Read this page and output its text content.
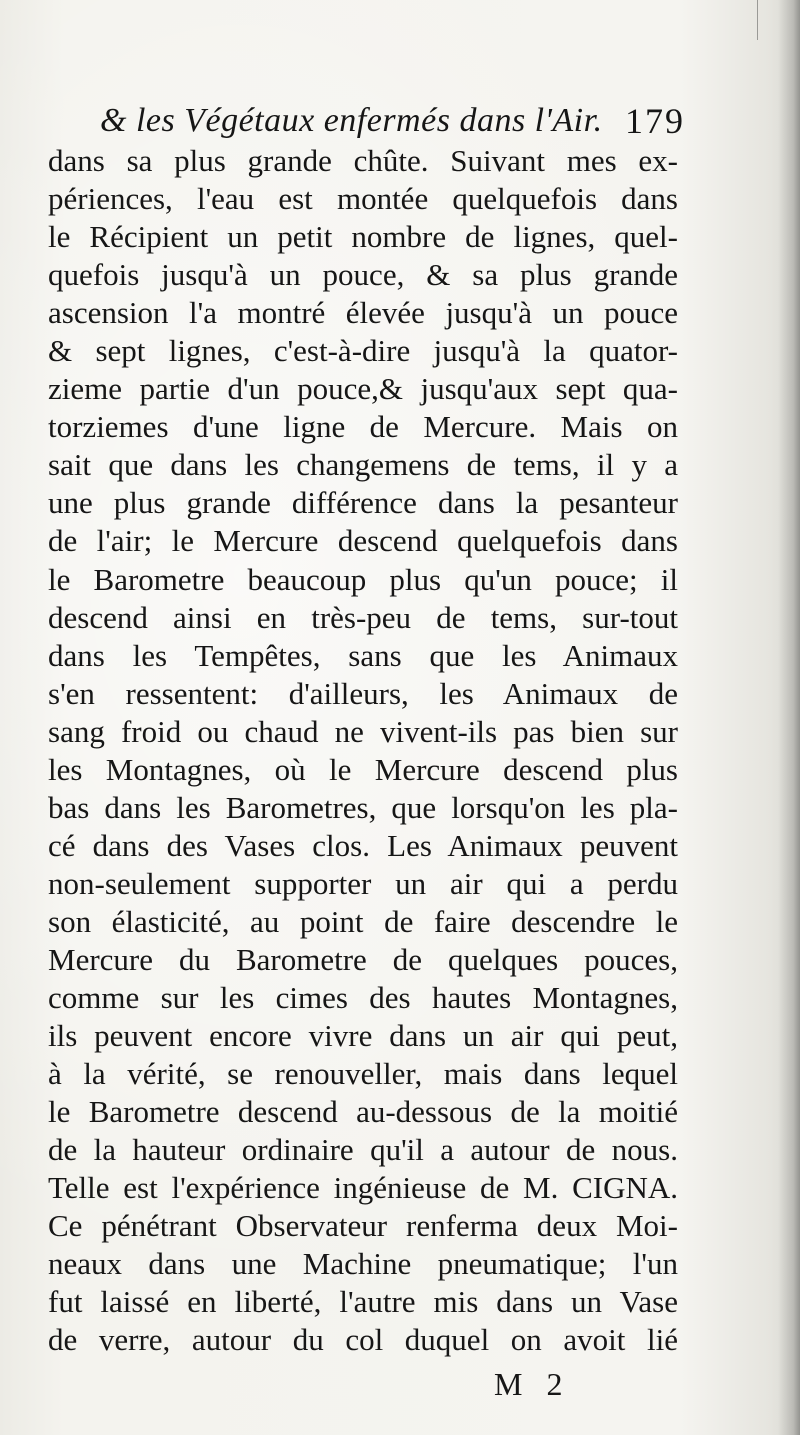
& les Végétaux enfermés dans l'Air. 179
dans sa plus grande chûte. Suivant mes ex-
périences, l'eau est montée quelquefois dans
le Récipient un petit nombre de lignes, quel-
quefois jusqu'à un pouce, & sa plus grande
ascension l'a montré élevée jusqu'à un pouce
& sept lignes, c'est-à-dire jusqu'à la quator-
zieme partie d'un pouce,& jusqu'aux sept qua-
torziemes d'une ligne de Mercure. Mais on
sait que dans les changemens de tems, il y a
une plus grande différence dans la pesanteur
de l'air; le Mercure descend quelquefois dans
le Barometre beaucoup plus qu'un pouce; il
descend ainsi en très-peu de tems, sur-tout
dans les Tempêtes, sans que les Animaux
s'en ressentent: d'ailleurs, les Animaux de
sang froid ou chaud ne vivent-ils pas bien sur
les Montagnes, où le Mercure descend plus
bas dans les Barometres, que lorsqu'on les pla-
cé dans des Vases clos. Les Animaux peuvent
non-seulement supporter un air qui a perdu
son élasticité, au point de faire descendre le
Mercure du Barometre de quelques pouces,
comme sur les cimes des hautes Montagnes,
ils peuvent encore vivre dans un air qui peut,
à la vérité, se renouveller, mais dans lequel
le Barometre descend au-dessous de la moitié
de la hauteur ordinaire qu'il a autour de nous.
Telle est l'expérience ingénieuse de M. CIGNA.
Ce pénétrant Observateur renferma deux Moi-
neaux dans une Machine pneumatique; l'un
fut laissé en liberté, l'autre mis dans un Vase
de verre, autour du col duquel on avoit lié
M 2
